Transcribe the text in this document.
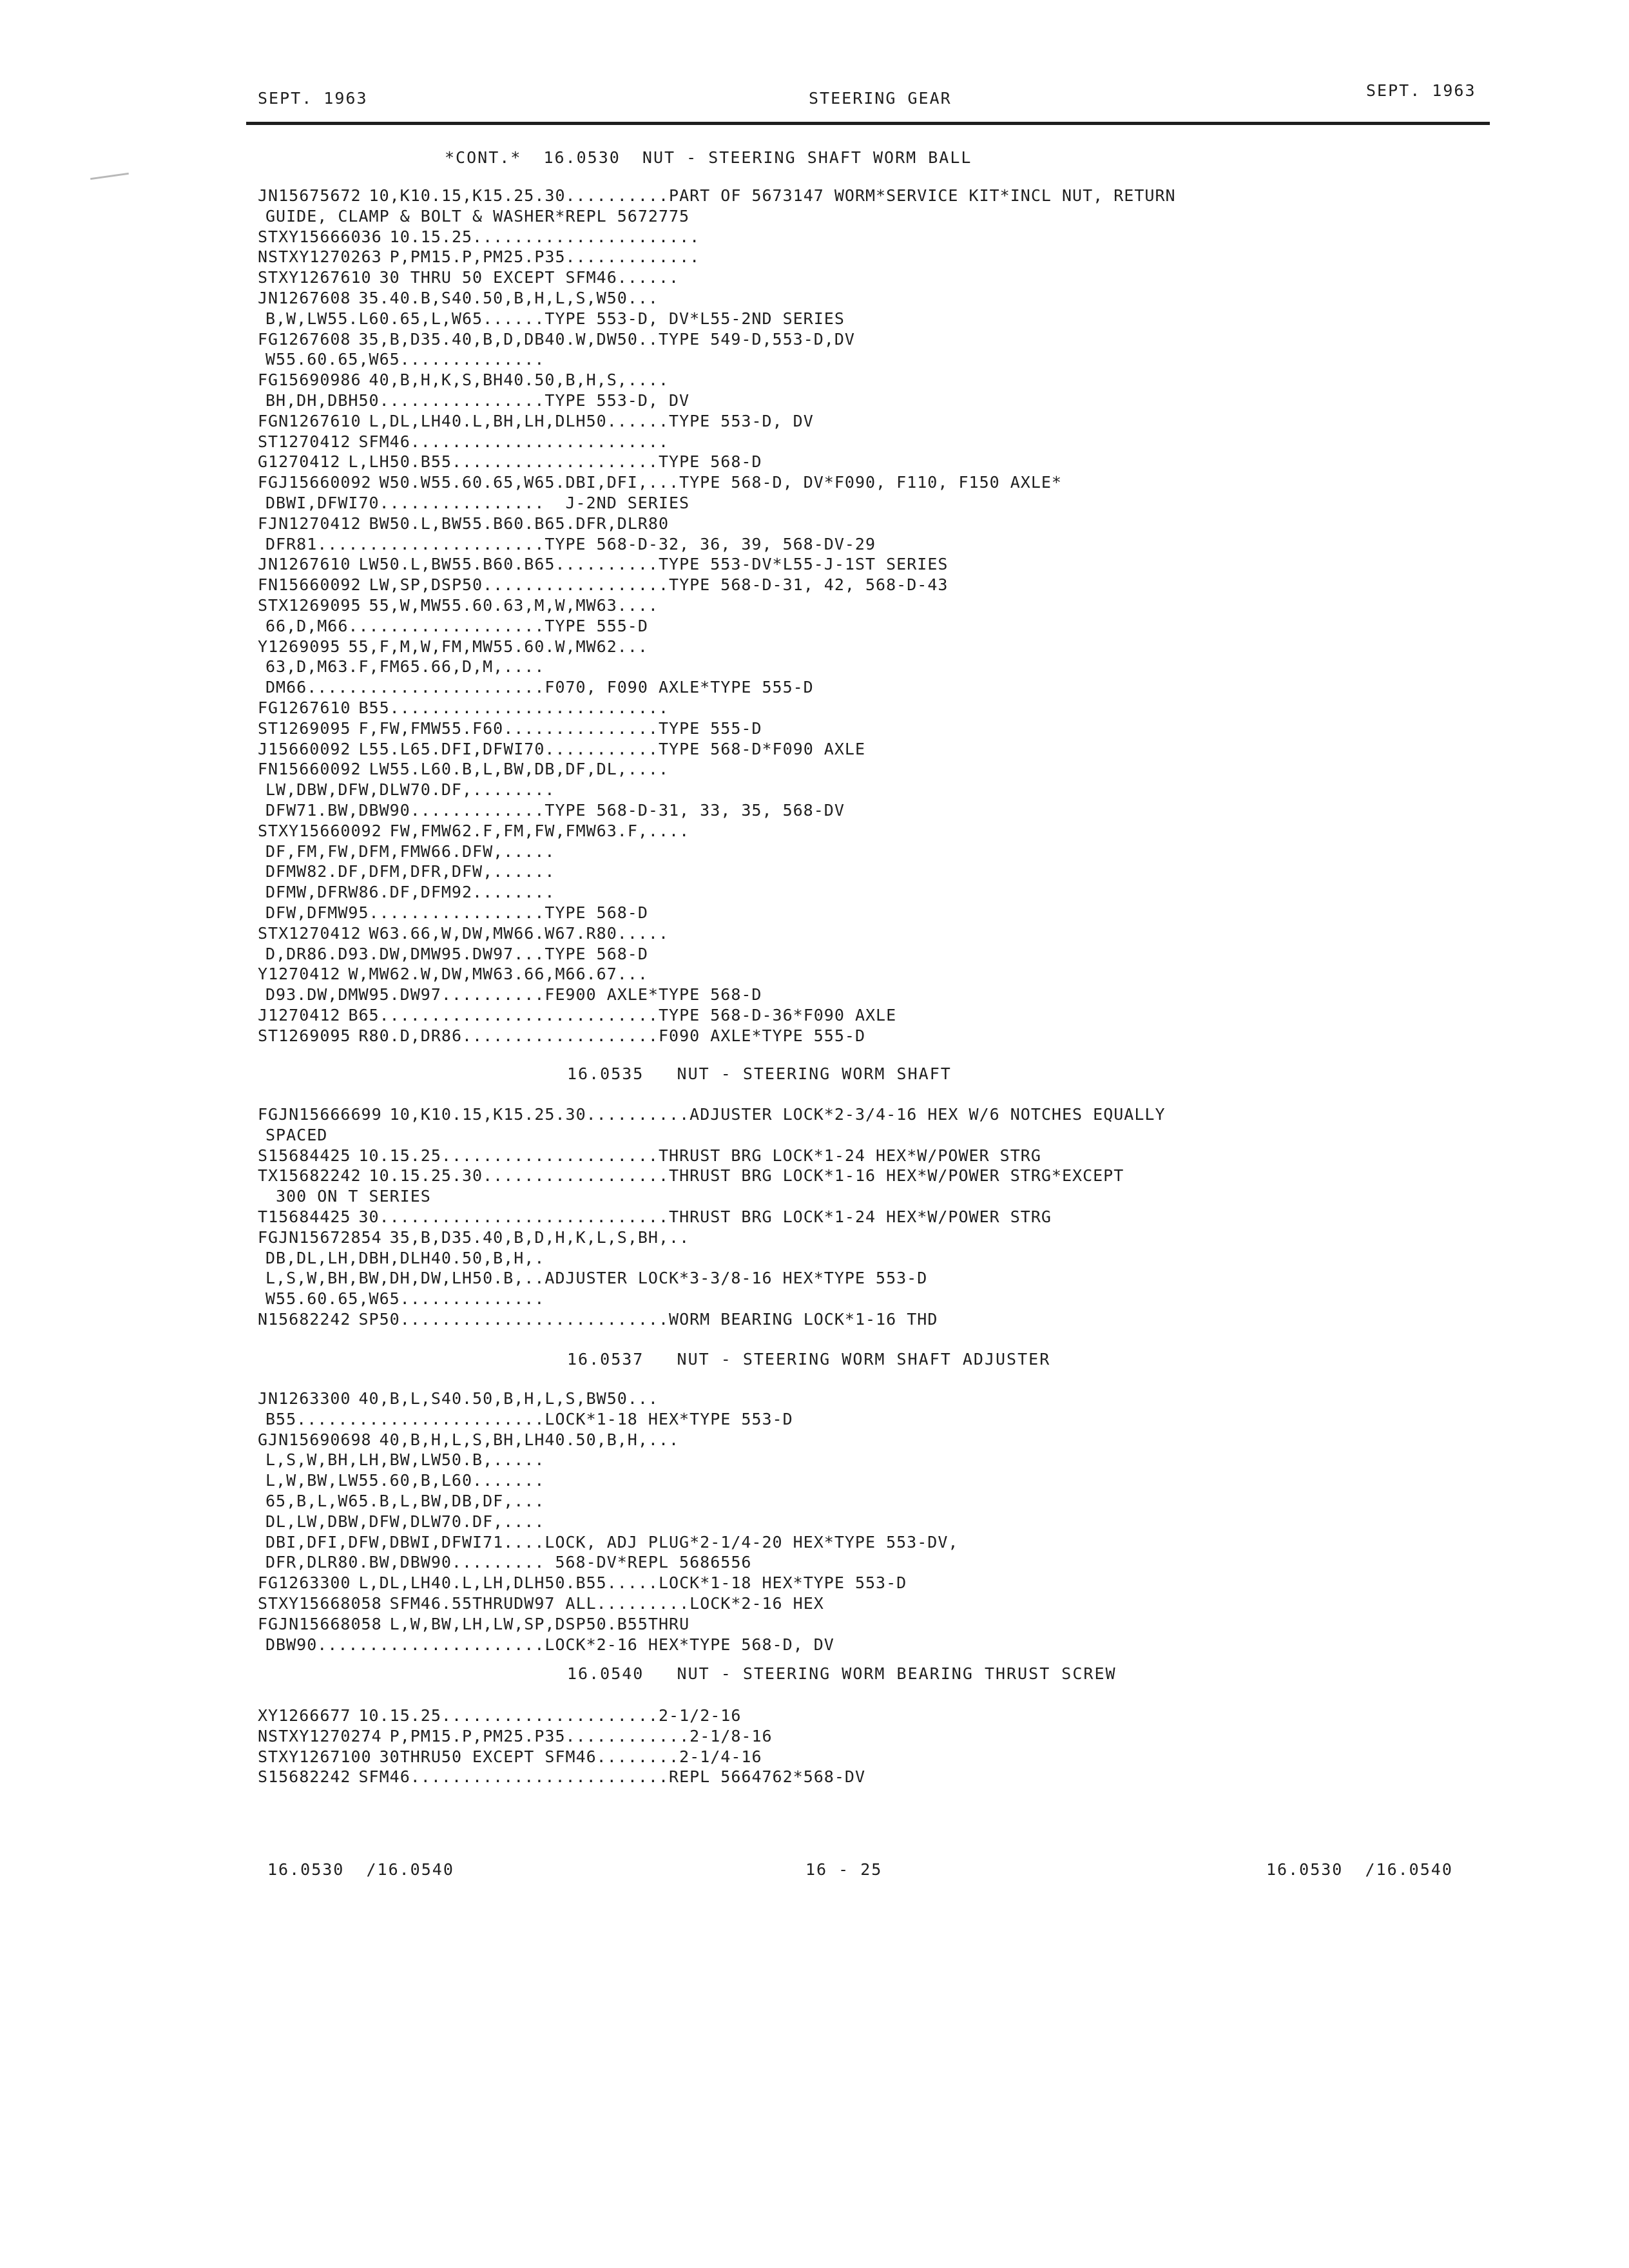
SEPT. 1963	STEERING GEAR	SEPT. 1963
*CONT.*  16.0530  NUT - STEERING SHAFT WORM BALL
JN15675672 10,K10.15,K15.25.30..........PART OF 5673147 WORM*SERVICE KIT*INCL NUT, RETURN
GUIDE, CLAMP & BOLT & WASHER*REPL 5672775
STXY15666036 10.15.25......................
NSTXY1270263 P,PM15.P,PM25.P35.............
STXY1267610 30 THRU 50 EXCEPT SFM46......
JN1267608 35.40.B,S40.50,B,H,L,S,W50...
B,W,LW55.L60.65,L,W65......TYPE 553-D, DV*L55-2ND SERIES
FG1267608 35,B,D35.40,B,D,DB40.W,DW50..TYPE 549-D,553-D,DV
W55.60.65,W65..............
FG15690986 40,B,H,K,S,BH40.50,B,H,S,....
BH,DH,DBH50................TYPE 553-D, DV
FGN1267610 L,DL,LH40.L,BH,LH,DLH50......TYPE 553-D, DV
ST1270412 SFM46.........................
G1270412 L,LH50.B55....................TYPE 568-D
FGJ15660092 W50.W55.60.65,W65.DBI,DFI,...TYPE 568-D, DV*F090, F110, F150 AXLE*
DBWI,DFWI70................  J-2ND SERIES
FJN1270412 BW50.L,BW55.B60.B65.DFR,DLR80
DFR81......................TYPE 568-D-32, 36, 39, 568-DV-29
JN1267610 LW50.L,BW55.B60.B65..........TYPE 553-DV*L55-J-1ST SERIES
FN15660092 LW,SP,DSP50..................TYPE 568-D-31, 42, 568-D-43
STX1269095 55,W,MW55.60.63,M,W,MW63....
66,D,M66...................TYPE 555-D
Y1269095 55,F,M,W,FM,MW55.60.W,MW62...
63,D,M63.F,FM65.66,D,M,....
DM66.......................F070, F090 AXLE*TYPE 555-D
FG1267610 B55...........................
ST1269095 F,FW,FMW55.F60...............TYPE 555-D
J15660092 L55.L65.DFI,DFWI70...........TYPE 568-D*F090 AXLE
FN15660092 LW55.L60.B,L,BW,DB,DF,DL,....
LW,DBW,DFW,DLW70.DF,........
DFW71.BW,DBW90.............TYPE 568-D-31, 33, 35, 568-DV
STXY15660092 FW,FMW62.F,FM,FW,FMW63.F,....
DF,FM,FW,DFM,FMW66.DFW,.....
DFMW82.DF,DFM,DFR,DFW,......
DFMW,DFRW86.DF,DFM92........
DFW,DFMW95.................TYPE 568-D
STX1270412 W63.66,W,DW,MW66.W67.R80.....
D,DR86.D93.DW,DMW95.DW97...TYPE 568-D
Y1270412 W,MW62.W,DW,MW63.66,M66.67...
D93.DW,DMW95.DW97..........FE900 AXLE*TYPE 568-D
J1270412 B65...........................TYPE 568-D-36*F090 AXLE
ST1269095 R80.D,DR86...................F090 AXLE*TYPE 555-D
16.0535   NUT - STEERING WORM SHAFT
FGJN15666699 10,K10.15,K15.25.30..........ADJUSTER LOCK*2-3/4-16 HEX W/6 NOTCHES EQUALLY
SPACED
S15684425 10.15.25.....................THRUST BRG LOCK*1-24 HEX*W/POWER STRG
TX15682242 10.15.25.30..................THRUST BRG LOCK*1-16 HEX*W/POWER STRG*EXCEPT
300 ON T SERIES
T15684425 30............................THRUST BRG LOCK*1-24 HEX*W/POWER STRG
FGJN15672854 35,B,D35.40,B,D,H,K,L,S,BH,..
DB,DL,LH,DBH,DLH40.50,B,H,.
L,S,W,BH,BW,DH,DW,LH50.B,..ADJUSTER LOCK*3-3/8-16 HEX*TYPE 553-D
W55.60.65,W65..............
N15682242 SP50..........................WORM BEARING LOCK*1-16 THD
16.0537   NUT - STEERING WORM SHAFT ADJUSTER
JN1263300 40,B,L,S40.50,B,H,L,S,BW50...
B55........................LOCK*1-18 HEX*TYPE 553-D
GJN15690698 40,B,H,L,S,BH,LH40.50,B,H,...
L,S,W,BH,LH,BW,LW50.B,.....
L,W,BW,LW55.60,B,L60.......
65,B,L,W65.B,L,BW,DB,DF,...
DL,LW,DBW,DFW,DLW70.DF,....
DBI,DFI,DFW,DBWI,DFWI71....LOCK, ADJ PLUG*2-1/4-20 HEX*TYPE 553-DV,
DFR,DLR80.BW,DBW90......... 568-DV*REPL 5686556
FG1263300 L,DL,LH40.L,LH,DLH50.B55.....LOCK*1-18 HEX*TYPE 553-D
STXY15668058 SFM46.55THRUDW97 ALL.........LOCK*2-16 HEX
FGJN15668058 L,W,BW,LH,LW,SP,DSP50.B55THRU
DBW90......................LOCK*2-16 HEX*TYPE 568-D, DV
16.0540   NUT - STEERING WORM BEARING THRUST SCREW
XY1266677 10.15.25.....................2-1/2-16
NSTXY1270274 P,PM15.P,PM25.P35............2-1/8-16
STXY1267100 30THRU50 EXCEPT SFM46........2-1/4-16
S15682242 SFM46.........................REPL 5664762*568-DV
16.0530  /16.0540	16 - 25	16.0530  /16.0540
